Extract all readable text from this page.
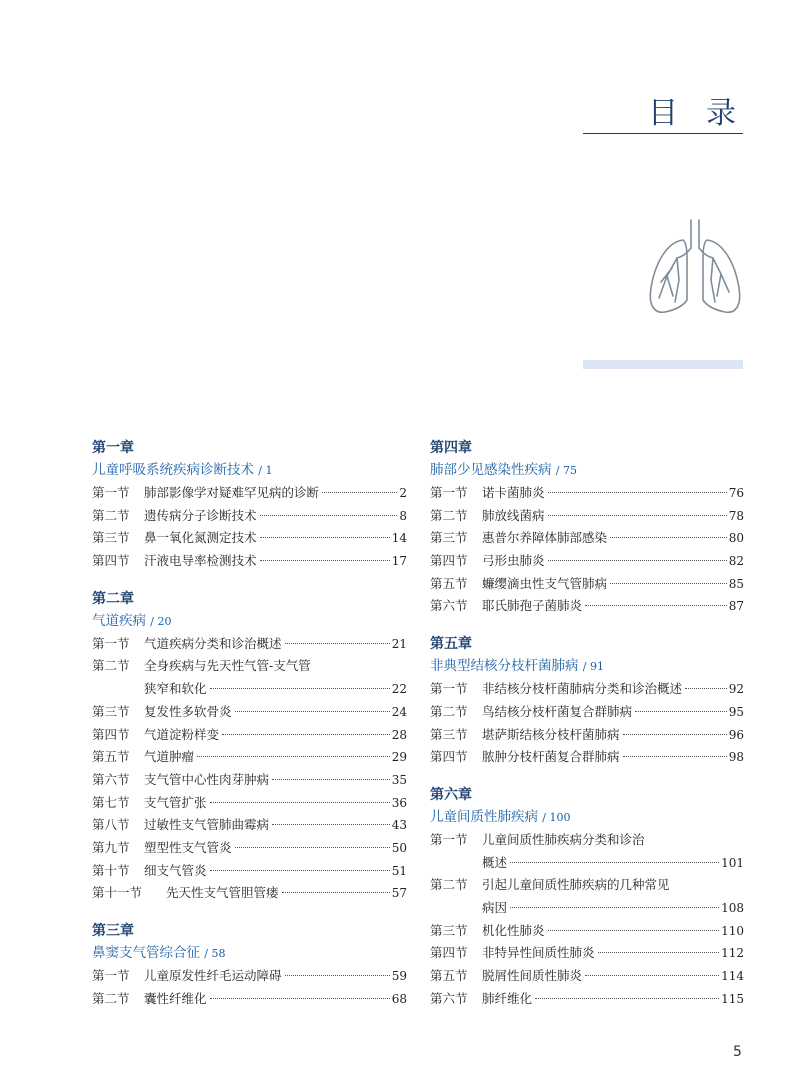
目录
第一章
儿童呼吸系统疾病诊断技术 / 1
第一节	肺部影像学对疑难罕见病的诊断	2
第二节	遗传病分子诊断技术	8
第三节	鼻一氧化氮测定技术	14
第四节	汗液电导率检测技术	17
第二章
气道疾病 / 20
第一节	气道疾病分类和诊治概述	21
第二节	全身疾病与先天性气管-支气管
狭窄和软化	22
第三节	复发性多软骨炎	24
第四节	气道淀粉样变	28
第五节	气道肿瘤	29
第六节	支气管中心性肉芽肿病	35
第七节	支气管扩张	36
第八节	过敏性支气管肺曲霉病	43
第九节	塑型性支气管炎	50
第十节	细支气管炎	51
第十一节	先天性支气管胆管瘘	57
第三章
鼻窦支气管综合征 / 58
第一节	儿童原发性纤毛运动障碍	59
第二节	囊性纤维化	68
第四章
肺部少见感染性疾病 / 75
第一节	诺卡菌肺炎	76
第二节	肺放线菌病	78
第三节	惠普尔养障体肺部感染	80
第四节	弓形虫肺炎	82
第五节	蠊缨滴虫性支气管肺病	85
第六节	耶氏肺孢子菌肺炎	87
第五章
非典型结核分枝杆菌肺病 / 91
第一节	非结核分枝杆菌肺病分类和诊治概述	92
第二节	鸟结核分枝杆菌复合群肺病	95
第三节	堪萨斯结核分枝杆菌肺病	96
第四节	脓肿分枝杆菌复合群肺病	98
第六章
儿童间质性肺疾病 / 100
第一节	儿童间质性肺疾病分类和诊治
概述	101
第二节	引起儿童间质性肺疾病的几种常见
病因	108
第三节	机化性肺炎	110
第四节	非特异性间质性肺炎	112
第五节	脱屑性间质性肺炎	114
第六节	肺纤维化	115
5
